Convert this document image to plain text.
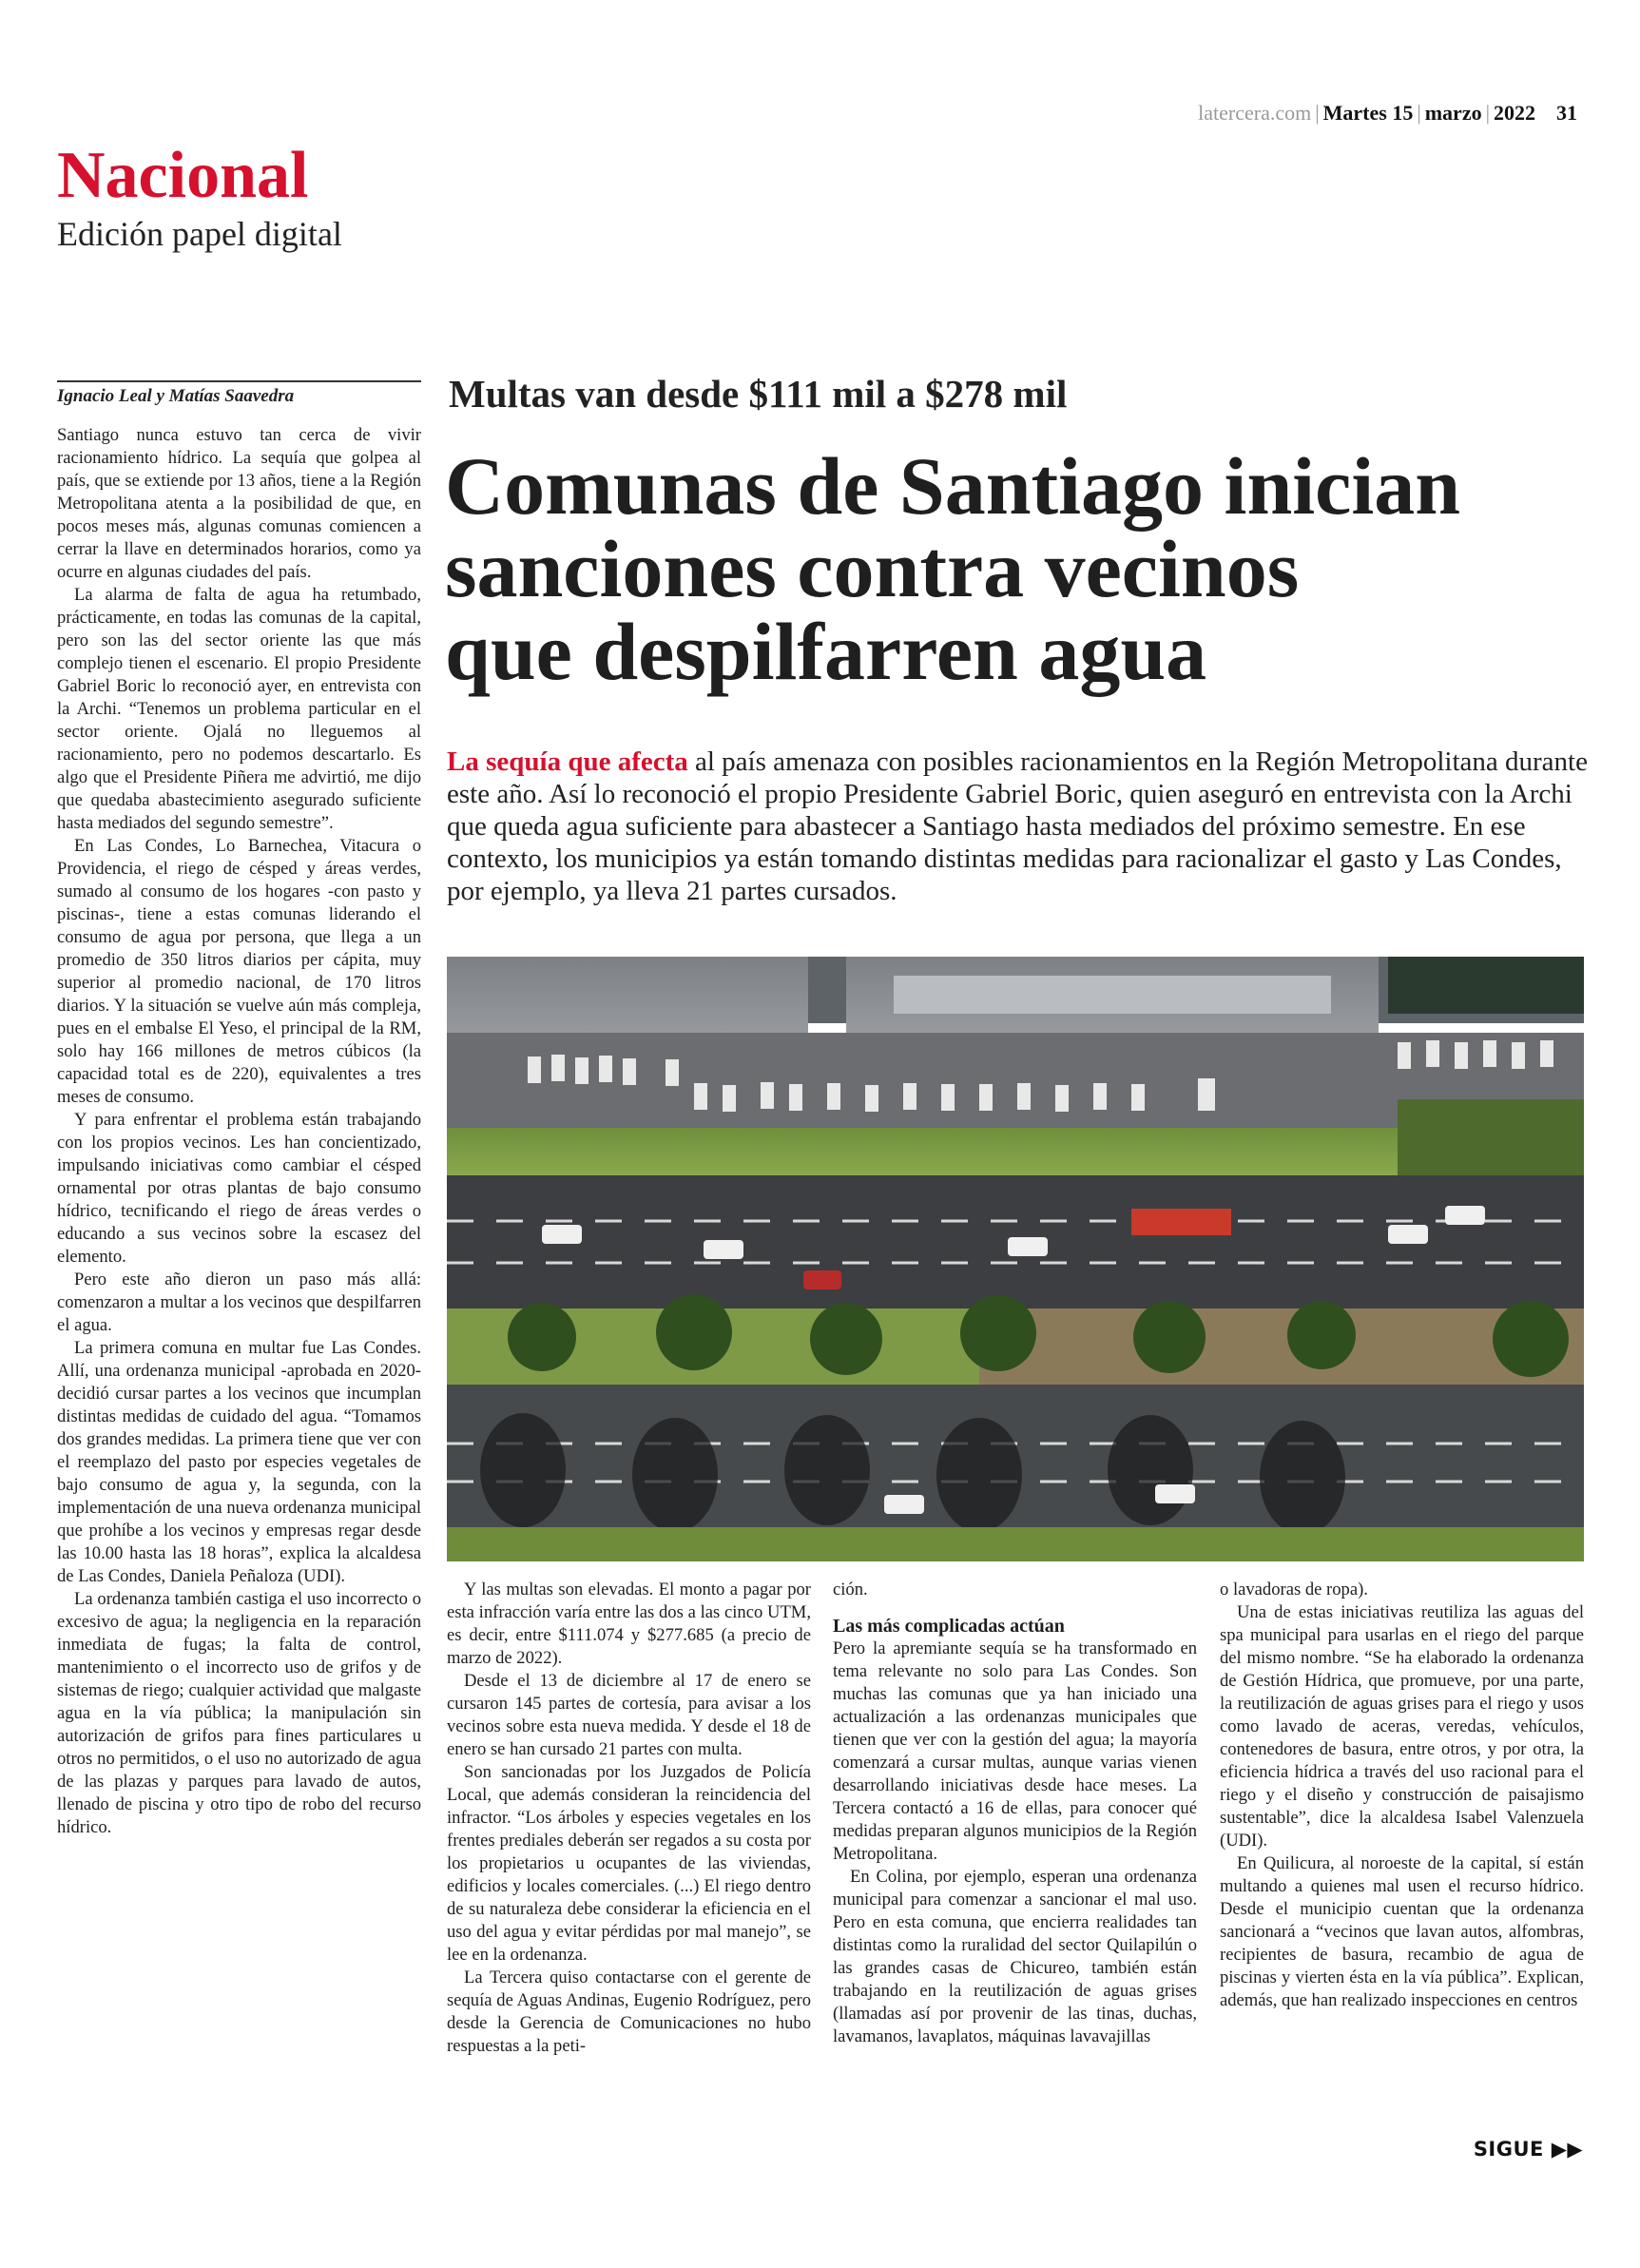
latercera.com | Martes 15 | marzo | 2022 31
Nacional
Edición papel digital
Ignacio Leal y Matías Saavedra	Multas van desde $111 mil a $278 mil
Comunas de Santiago inician
sanciones contra vecinos
que despilfarren agua
La sequía que afecta al país amenaza con posibles racionamientos en la Región Metropolitana durante este año. Así lo reconoció el propio Presidente Gabriel Boric, quien aseguró en entrevista con la Archi que queda agua suficiente para abastecer a Santiago hasta mediados del próximo semestre. En ese contexto, los municipios ya están tomando distintas medidas para racionalizar el gasto y Las Condes, por ejemplo, ya lleva 21 partes cursados.

Santiago nunca estuvo tan cerca de vivir racionamiento hídrico. La sequía que golpea al país, que se extiende por 13 años, tiene a la Región Metropolitana atenta a la posibilidad de que, en pocos meses más, algunas comunas comiencen a cerrar la llave en determinados horarios, como ya ocurre en algunas ciudades del país.

La alarma de falta de agua ha retumbado, prácticamente, en todas las comunas de la capital, pero son las del sector oriente las que más complejo tienen el escenario. El propio Presidente Gabriel Boric lo reconoció ayer, en entrevista con la Archi. “Tenemos un problema particular en el sector oriente. Ojalá no lleguemos al racionamiento, pero no podemos descartarlo. Es algo que el Presidente Piñera me advirtió, me dijo que quedaba abastecimiento asegurado suficiente hasta mediados del segundo semestre”.

En Las Condes, Lo Barnechea, Vitacura o Providencia, el riego de césped y áreas verdes, sumado al consumo de los hogares -con pasto y piscinas-, tiene a estas comunas liderando el consumo de agua por persona, que llega a un promedio de 350 litros diarios per cápita, muy superior al promedio nacional, de 170 litros diarios. Y la situación se vuelve aún más compleja, pues en el embalse El Yeso, el principal de la RM, solo hay 166 millones de metros cúbicos (la capacidad total es de 220), equivalentes a tres meses de consumo.

Y para enfrentar el problema están trabajando con los propios vecinos. Les han concientizado, impulsando iniciativas como cambiar el césped ornamental por otras plantas de bajo consumo hídrico, tecnificando el riego de áreas verdes o educando a sus vecinos sobre la escasez del elemento.

Pero este año dieron un paso más allá: comenzaron a multar a los vecinos que despilfarren el agua.

La primera comuna en multar fue Las Condes. Allí, una ordenanza municipal -aprobada en 2020- decidió cursar partes a los vecinos que incumplan distintas medidas de cuidado del agua. “Tomamos dos grandes medidas. La primera tiene que ver con el reemplazo del pasto por especies vegetales de bajo consumo de agua y, la segunda, con la implementación de una nueva ordenanza municipal que prohíbe a los vecinos y empresas regar desde las 10.00 hasta las 18 horas”, explica la alcaldesa de Las Condes, Daniela Peñaloza (UDI).

La ordenanza también castiga el uso incorrecto o excesivo de agua; la negligencia en la reparación inmediata de fugas; la falta de control, mantenimiento o el incorrecto uso de grifos y de sistemas de riego; cualquier actividad que malgaste agua en la vía pública; la manipulación sin autorización de grifos para fines particulares u otros no permitidos, o el uso no autorizado de agua de las plazas y parques para lavado de autos, llenado de piscina y otro tipo de robo del recurso hídrico.

Y las multas son elevadas. El monto a pagar por esta infracción varía entre las dos a las cinco UTM, es decir, entre $111.074 y $277.685 (a precio de marzo de 2022).

Desde el 13 de diciembre al 17 de enero se cursaron 145 partes de cortesía, para avisar a los vecinos sobre esta nueva medida. Y desde el 18 de enero se han cursado 21 partes con multa.

Son sancionadas por los Juzgados de Policía Local, que además consideran la reincidencia del infractor. “Los árboles y especies vegetales en los frentes prediales deberán ser regados a su costa por los propietarios u ocupantes de las viviendas, edificios y locales comerciales. (...) El riego dentro de su naturaleza debe considerar la eficiencia en el uso del agua y evitar pérdidas por mal manejo”, se lee en la ordenanza.

La Tercera quiso contactarse con el gerente de sequía de Aguas Andinas, Eugenio Rodríguez, pero desde la Gerencia de Comunicaciones no hubo respuestas a la peti-

ción.

Las más complicadas actúan

Pero la apremiante sequía se ha transformado en tema relevante no solo para Las Condes. Son muchas las comunas que ya han iniciado una actualización a las ordenanzas municipales que tienen que ver con la gestión del agua; la mayoría comenzará a cursar multas, aunque varias vienen desarrollando iniciativas desde hace meses. La Tercera contactó a 16 de ellas, para conocer qué medidas preparan algunos municipios de la Región Metropolitana.

En Colina, por ejemplo, esperan una ordenanza municipal para comenzar a sancionar el mal uso. Pero en esta comuna, que encierra realidades tan distintas como la ruralidad del sector Quilapilún o las grandes casas de Chicureo, también están trabajando en la reutilización de aguas grises (llamadas así por provenir de las tinas, duchas, lavamanos, lavaplatos, máquinas lavavajillas

o lavadoras de ropa).

Una de estas iniciativas reutiliza las aguas del spa municipal para usarlas en el riego del parque del mismo nombre. “Se ha elaborado la ordenanza de Gestión Hídrica, que promueve, por una parte, la reutilización de aguas grises para el riego y usos como lavado de aceras, veredas, vehículos, contenedores de basura, entre otros, y por otra, la eficiencia hídrica a través del uso racional para el riego y el diseño y construcción de paisajismo sustentable”, dice la alcaldesa Isabel Valenzuela (UDI).

En Quilicura, al noroeste de la capital, sí están multando a quienes mal usen el recurso hídrico. Desde el municipio cuentan que la ordenanza sancionará a “vecinos que lavan autos, alfombras, recipientes de basura, recambio de agua de piscinas y vierten ésta en la vía pública”. Explican, además, que han realizado inspecciones en centros

SIGUE ▶▶
